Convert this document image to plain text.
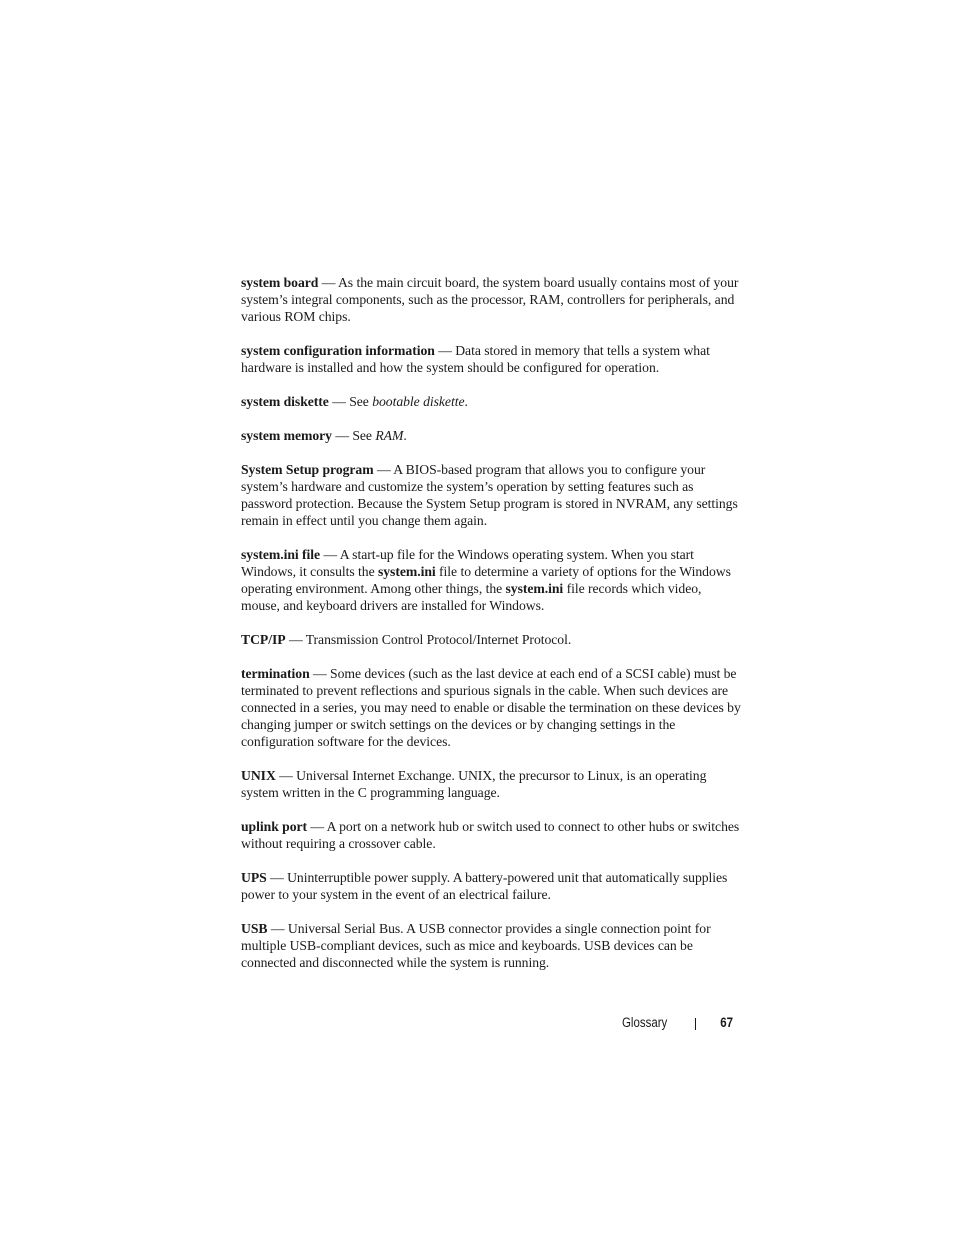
system board — As the main circuit board, the system board usually contains most of your system’s integral components, such as the processor, RAM, controllers for peripherals, and various ROM chips.

system configuration information — Data stored in memory that tells a system what hardware is installed and how the system should be configured for operation.

system diskette — See bootable diskette.

system memory — See RAM.

System Setup program — A BIOS-based program that allows you to configure your system’s hardware and customize the system’s operation by setting features such as password protection. Because the System Setup program is stored in NVRAM, any settings remain in effect until you change them again.

system.ini file — A start-up file for the Windows operating system. When you start Windows, it consults the system.ini file to determine a variety of options for the Windows operating environment. Among other things, the system.ini file records which video, mouse, and keyboard drivers are installed for Windows.

TCP/IP — Transmission Control Protocol/Internet Protocol.

termination — Some devices (such as the last device at each end of a SCSI cable) must be terminated to prevent reflections and spurious signals in the cable. When such devices are connected in a series, you may need to enable or disable the termination on these devices by changing jumper or switch settings on the devices or by changing settings in the configuration software for the devices.

UNIX — Universal Internet Exchange. UNIX, the precursor to Linux, is an operating system written in the C programming language.

uplink port — A port on a network hub or switch used to connect to other hubs or switches without requiring a crossover cable.

UPS — Uninterruptible power supply. A battery-powered unit that automatically supplies power to your system in the event of an electrical failure.

USB — Universal Serial Bus. A USB connector provides a single connection point for multiple USB-compliant devices, such as mice and keyboards. USB devices can be connected and disconnected while the system is running.

Glossary	67
